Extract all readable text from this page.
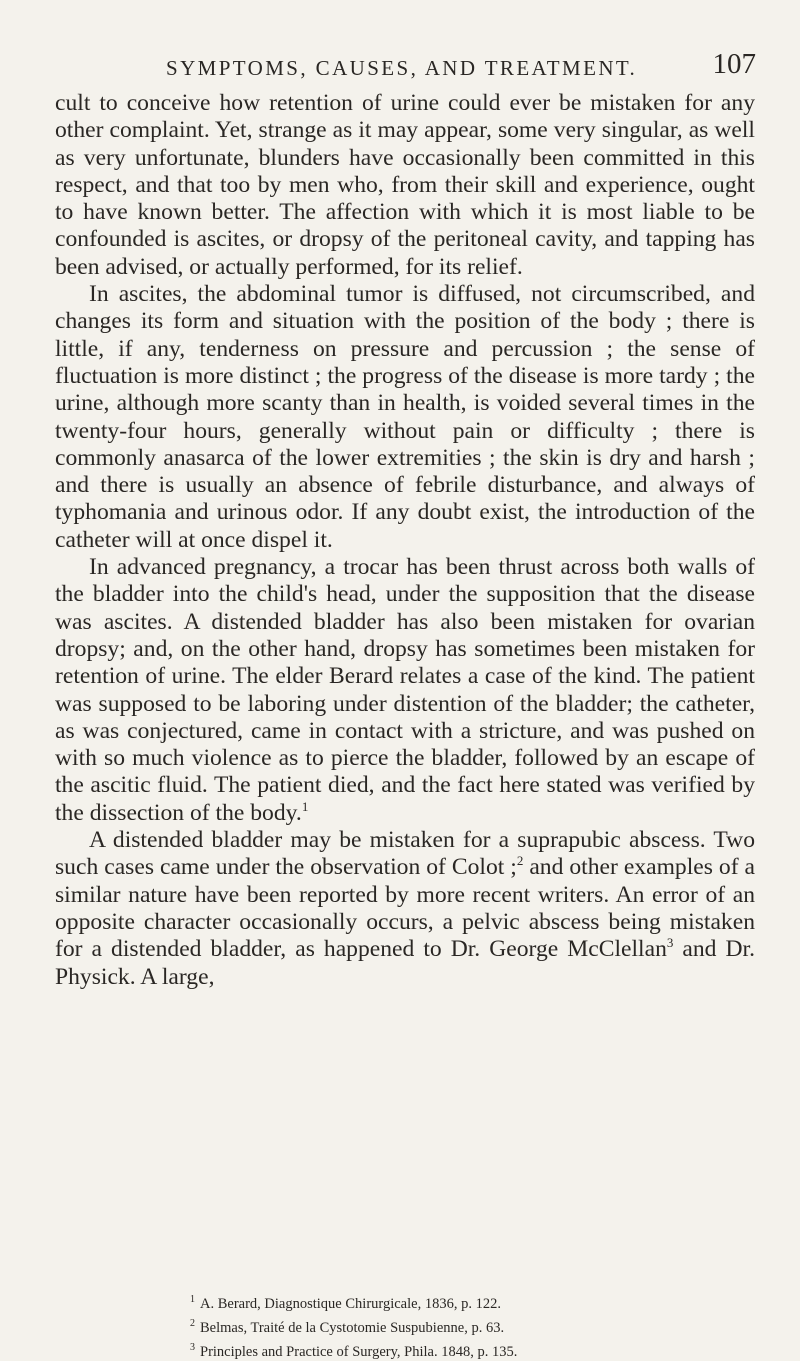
SYMPTOMS, CAUSES, AND TREATMENT.	107

cult to conceive how retention of urine could ever be mistaken for any other complaint. Yet, strange as it may appear, some very singular, as well as very unfortunate, blunders have occasionally been committed in this respect, and that too by men who, from their skill and experience, ought to have known better. The affection with which it is most liable to be confounded is ascites, or dropsy of the peritoneal cavity, and tapping has been advised, or actually performed, for its relief.

In ascites, the abdominal tumor is diffused, not circumscribed, and changes its form and situation with the position of the body ; there is little, if any, tenderness on pressure and percussion ; the sense of fluctuation is more distinct ; the progress of the disease is more tardy ; the urine, although more scanty than in health, is voided several times in the twenty-four hours, generally without pain or difficulty ; there is commonly anasarca of the lower extremities ; the skin is dry and harsh ; and there is usually an absence of febrile disturbance, and always of typhomania and urinous odor. If any doubt exist, the introduction of the catheter will at once dispel it.

In advanced pregnancy, a trocar has been thrust across both walls of the bladder into the child's head, under the supposition that the disease was ascites. A distended bladder has also been mistaken for ovarian dropsy; and, on the other hand, dropsy has sometimes been mistaken for retention of urine. The elder Berard relates a case of the kind. The patient was supposed to be laboring under distention of the bladder; the catheter, as was conjectured, came in contact with a stricture, and was pushed on with so much violence as to pierce the bladder, followed by an escape of the ascitic fluid. The patient died, and the fact here stated was verified by the dissection of the body.$^1$

A distended bladder may be mistaken for a suprapubic abscess. Two such cases came under the observation of Colot ;$^2$ and other examples of a similar nature have been reported by more recent writers. An error of an opposite character occasionally occurs, a pelvic abscess being mistaken for a distended bladder, as happened to Dr. George McClellan$^3$ and Dr. Physick. A large,

$^1$ A. Berard, Diagnostique Chirurgicale, 1836, p. 122.
$^2$ Belmas, Traité de la Cystotomie Suspubienne, p. 63.
$^3$ Principles and Practice of Surgery, Phila. 1848, p. 135.
